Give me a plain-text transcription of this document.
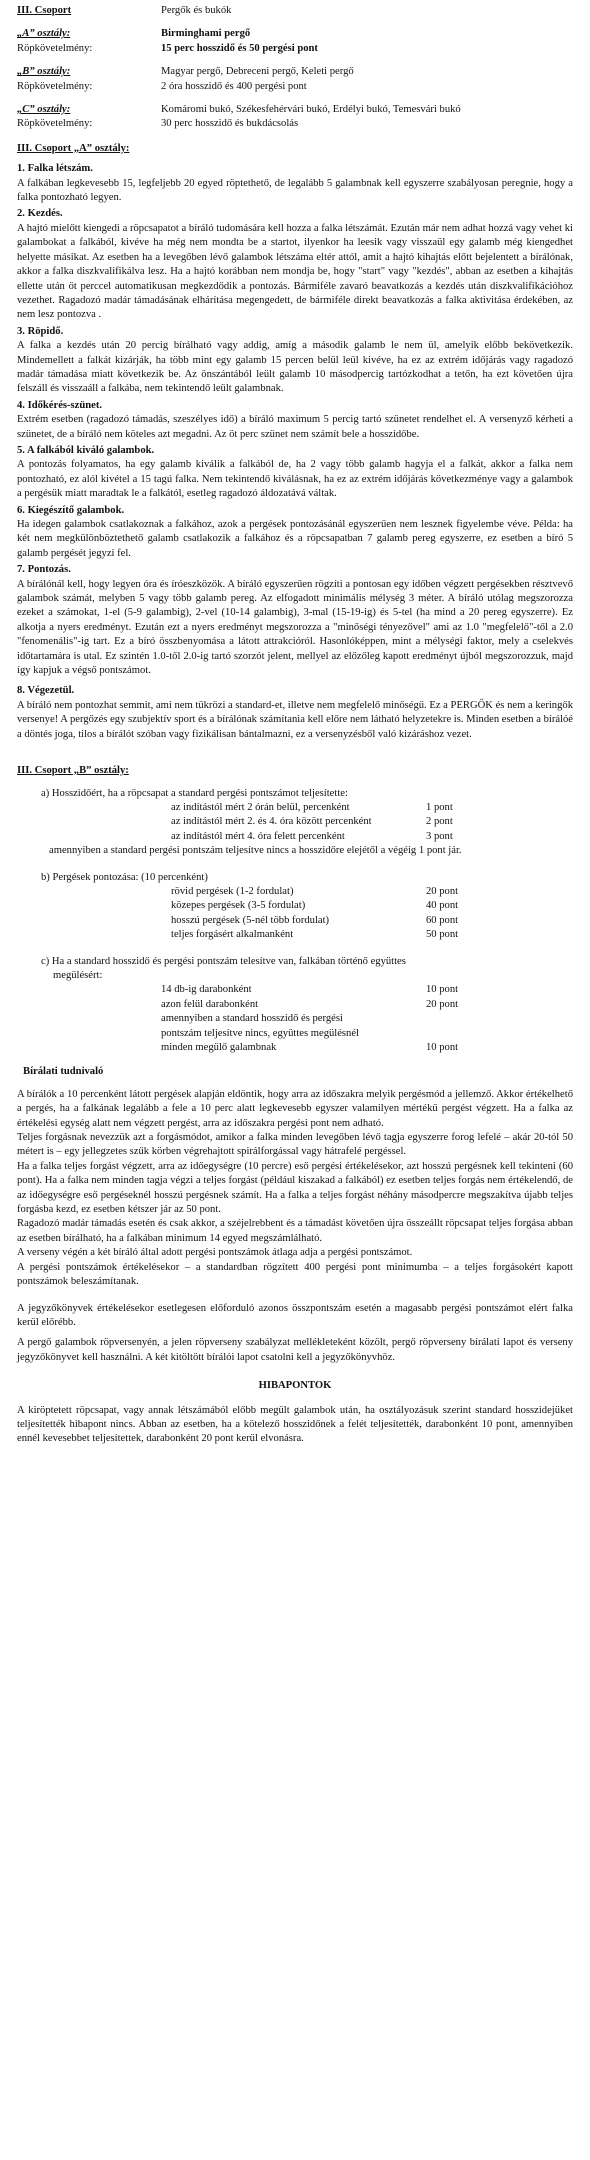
III. Csoport	Pergők és bukók
„A” osztály:	Birminghami pergő
Röpkövetelmény:	15 perc hosszidő és 50 pergési pont
„B” osztály:	Magyar pergő, Debreceni pergő, Keleti pergő
Röpkövetelmény:	2 óra hosszidő és 400 pergési pont
„C” osztály:	Komáromi bukó, Székesfehérvári bukó, Erdélyi bukó, Temesvári bukó
Röpkövetelmény:	30 perc hosszidő és bukdácsolás
III. Csoport „A” osztály:
1. Falka létszám.

A falkában legkevesebb 15, legfeljebb 20 egyed röptethető, de legalább 5 galambnak kell egyszerre szabályosan peregnie, hogy a falka pontozható legyen.

2. Kezdés.

A hajtó mielőtt kiengedi a röpcsapatot a bíráló tudomására kell hozza a falka létszámát. Ezután már nem adhat hozzá vagy vehet ki galambokat a falkából, kivéve ha még nem mondta be a startot, ilyenkor ha leesik vagy visszaül egy galamb még kiengedhet helyette másikat. Az esetben ha a levegőben lévő galambok létszáma eltér attól, amit a hajtó kihajtás előtt bejelentett a bírálónak, akkor a falka diszkvalifikálva lesz. Ha a hajtó korábban nem mondja be, hogy "start" vagy "kezdés", abban az esetben a kihajtás ellette után öt perccel automatikusan megkezdődik a pontozás. Bármiféle zavaró beavatkozás a kezdés után diszkvalifikációhoz vezethet. Ragadozó madár támadásának elhárítása megengedett, de bármiféle direkt beavatkozás a falka aktivitása érdekében, az nem lesz pontozva .

3. Röpidő.

A falka a kezdés után 20 percig bírálható vagy addig, amíg a második galamb le nem ül, amelyik előbb bekövetkezik. Mindemellett a falkát kizárják, ha több mint egy galamb 15 percen belül leül kivéve, ha ez az extrém időjárás vagy ragadozó madár támadása miatt következik be. Az önszántából leült galamb 10 másodpercig tartózkodhat a tetőn, ha ezt követően újra felszáll és visszaáll a falkába, nem tekintendő leült galambnak.

4. Időkérés-szünet.

Extrém esetben (ragadozó támadás, szeszélyes idő) a bíráló maximum 5 percig tartó szünetet rendelhet el. A versenyző kérheti a szünetet, de a bíráló nem köteles azt megadni. Az öt perc szünet nem számít bele a hosszidőbe.

5. A falkából kiváló galambok.

A pontozás folyamatos, ha egy galamb kiválik a falkából de, ha 2 vagy több galamb hagyja el a falkát, akkor a falka nem pontozható, ez alól kivétel a 15 tagú falka. Nem tekintendő kiválásnak, ha ez az extrém időjárás következménye vagy a galambok a pergésük miatt maradtak le a falkától, esetleg ragadozó áldozatává váltak.

6. Kiegészítő galambok.

Ha idegen galambok csatlakoznak a falkához, azok a pergések pontozásánál egyszerűen nem lesznek figyelembe véve. Példa: ha két nem megkülönböztethető galamb csatlakozik a falkához és a röpcsapatban 7 galamb pereg egyszerre, ez esetben a bíró 5 galamb pergését jegyzi fel.

7. Pontozás.

A bírálónál kell, hogy legyen óra és íróeszközök. A bíráló egyszerűen rögzíti a pontosan egy időben végzett pergésekben résztvevő galambok számát, melyben 5 vagy több galamb pereg. Az elfogadott minimális mélység 3 méter. A bíráló utólag megszorozza ezeket a számokat, 1-el (5-9 galambig), 2-vel (10-14 galambig), 3-mal (15-19-ig) és 5-tel (ha mind a 20 pereg egyszerre). Ez alkotja a nyers eredményt. Ezután ezt a nyers eredményt megszorozza a "minőségi tényezővel" ami az 1.0 "megfelelő"-től a 2.0 "fenomenális"-ig tart. Ez a bíró összbenyomása a látott attrakcióról. Hasonlóképpen, mint a mélységi faktor, mely a cselekvés időtartamára is utal. Ez szintén 1.0-től 2.0-ig tartó szorzót jelent, mellyel az előzőleg kapott eredményt újból megszorozzuk, majd így kapjuk a végső pontszámot.

8. Végezetül.

A bíráló nem pontozhat semmit, ami nem tükrözi a standard-et, illetve nem megfelelő minőségű. Ez a PERGŐK és nem a keringők versenye! A pergőzés egy szubjektív sport és a bírálónak számítania kell előre nem látható helyzetekre is. Minden esetben a bírálóé a döntés joga, tilos a bírálót szóban vagy fizikálisan bántalmazni, ez a versenyzésből való kizáráshoz vezet.

III. Csoport „B” osztály:
a) Hosszidőért, ha a röpcsapat a standard pergési pontszámot teljesítette:
az indítástól mért 2 órán belül, percenként	1 pont
az indítástól mért 2. és 4. óra között percenként	2 pont
az indítástól mért 4. óra felett percenként	3 pont

amennyiben a standard pergési pontszám teljesítve nincs a hosszidőre elejétől a végéig 1 pont jár.

b) Pergések pontozása: (10 percenként)
rövid pergések (1-2 fordulat)	20 pont
közepes pergések (3-5 fordulat)	40 pont
hosszú pergések (5-nél több fordulat)	60 pont
teljes forgásért alkalmanként	50 pont
c) Ha a standard hosszidő és pergési pontszám telesítve van, falkában történő együttes
megülésért:
14 db-ig darabonként	10 pont
azon felül darabonként	20 pont
amennyiben a standard hosszidő és pergési
pontszám teljesítve nincs, együttes megülésnél
minden megülő galambnak	10 pont
Bírálati tudnivaló

A bírálók a 10 percenként látott pergések alapján eldöntik, hogy arra az időszakra melyik pergésmód a jellemző. Akkor értékelhető a pergés, ha a falkának legalább a fele a 10 perc alatt legkevesebb egyszer valamilyen mértékű pergést végzett. Ha a falka az értékelési egység alatt nem végzett pergést, arra az időszakra pergési pont nem adható.

Teljes forgásnak nevezzük azt a forgásmódot, amikor a falka minden levegőben lévő tagja egyszerre forog lefelé – akár 20-tól 50 métert is – egy jellegzetes szűk körben végrehajtott spirálforgással vagy hátrafelé pergéssel.

Ha a falka teljes forgást végzett, arra az időegységre (10 percre) eső pergési értékelésekor, azt hosszú pergésnek kell tekinteni (60 pont). Ha a falka nem minden tagja végzi a teljes forgást (például kiszakad a falkából) ez esetben teljes forgás nem értékelendő, de az időegységre eső pergéseknél hosszú pergésnek számít. Ha a falka a teljes forgást néhány másodpercre megszakítva újabb teljes forgásba kezd, ez esetben kétszer jár az 50 pont.

Ragadozó madár támadás esetén és csak akkor, a széjelrebbent és a támadást követően újra összeállt röpcsapat teljes forgása abban az esetben bírálható, ha a falkában minimum 14 egyed megszámlálható.

A verseny végén a két bíráló által adott pergési pontszámok átlaga adja a pergési pontszámot.

A pergési pontszámok értékelésekor – a standardban rögzített 400 pergési pont minimumba – a teljes forgásokért kapott pontszámok beleszámítanak.

A jegyzőkönyvek értékelésekor esetlegesen előforduló azonos összpontszám esetén a magasabb pergési pontszámot elért falka kerül előrébb.

A pergő galambok röpversenyén, a jelen röpverseny szabályzat mellékleteként közölt, pergő röpverseny bírálati lapot és verseny jegyzőkönyvet kell használni. A két kitöltött bírálói lapot csatolni kell a jegyzőkönyvhöz.

HIBAPONTOK

A kiröptetett röpcsapat, vagy annak létszámából előbb megült galambok után, ha osztályozásuk szerint standard hosszidejüket teljesítették hibapont nincs. Abban az esetben, ha a kötelező hosszidőnek a felét teljesítették, darabonként 10 pont, amennyiben ennél kevesebbet teljesítettek, darabonként 20 pont kerül elvonásra.
